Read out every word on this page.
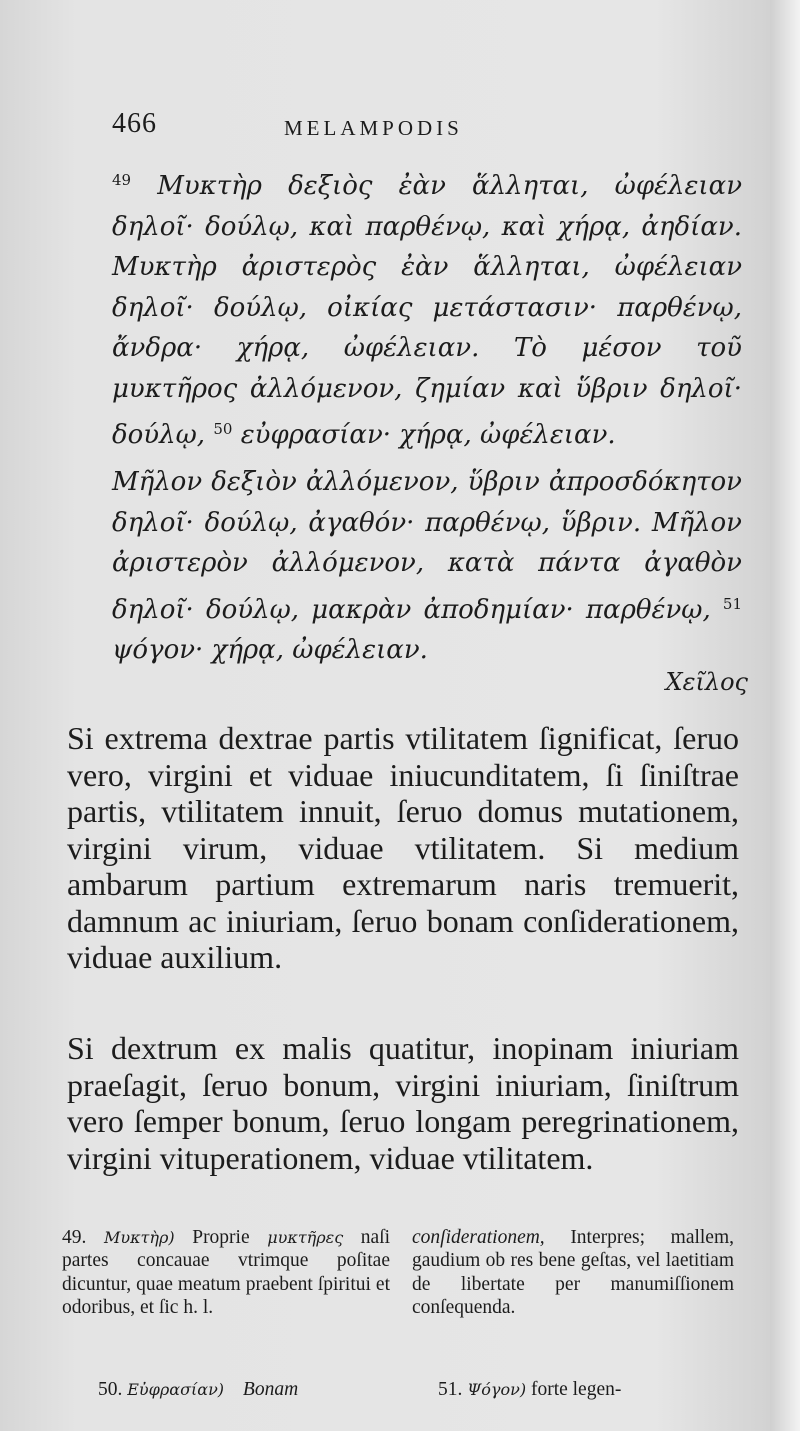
466	MELAMPODIS
$^{49}$ Μυκτὴρ δεξιὸς ἐὰν ἅλληται, ὠφέλειαν δηλοῖ· δούλῳ, καὶ παρθένῳ, καὶ χήρᾳ, ἀηδίαν. Μυκτὴρ ἀριστερὸς ἐὰν ἅλληται, ὠφέλειαν δηλοῖ· δούλῳ, οἰκίας μετάστασιν· παρθένῳ, ἄνδρα· χήρᾳ, ὠφέλειαν. Τὸ μέσον τοῦ μυκτῆρος ἀλλόμενον, ζημίαν καὶ ὕβριν δηλοῖ· δούλῳ, $^{50}$ εὐφρασίαν· χήρᾳ, ὠφέλειαν.
Μῆλον δεξιὸν ἀλλόμενον, ὕβριν ἀπροσδόκητον δηλοῖ· δούλῳ, ἀγαθόν· παρθένῳ, ὕβριν. Μῆλον ἀριστερὸν ἀλλόμενον, κατὰ πάντα ἀγαθὸν δηλοῖ· δούλῳ, μακρὰν ἀποδημίαν· παρθένῳ, $^{51}$ ψόγον· χήρᾳ, ὠφέλειαν.
Χεῖλος
Si extrema dextrae partis vtilitatem ſignificat, ſeruo vero, virgini et viduae iniucunditatem, ſi ſiniſtrae partis, vtilitatem innuit, ſeruo domus mutationem, virgini virum, viduae vtilitatem. Si medium ambarum partium extremarum naris tremuerit, damnum ac iniuriam, ſeruo bonam conſiderationem, viduae auxilium.
Si dextrum ex malis quatitur, inopinam iniuriam praeſagit, ſeruo bonum, virgini iniuriam, ſiniſtrum vero ſemper bonum, ſeruo longam peregrinationem, virgini vituperationem, viduae vtilitatem.
49. Μυκτὴρ) Proprie μυκτῆρες naſi partes concauae vtrimque poſitae dicuntur, quae meatum praebent ſpiritui et odoribus, et ſic h. l.
conſiderationem, Interpres; mallem, gaudium ob res bene geſtas, vel laetitiam de libertate per manumiſſionem conſequenda.
50. Εὐφρασίαν) Bonam	51. Ψόγον) forte legen-
